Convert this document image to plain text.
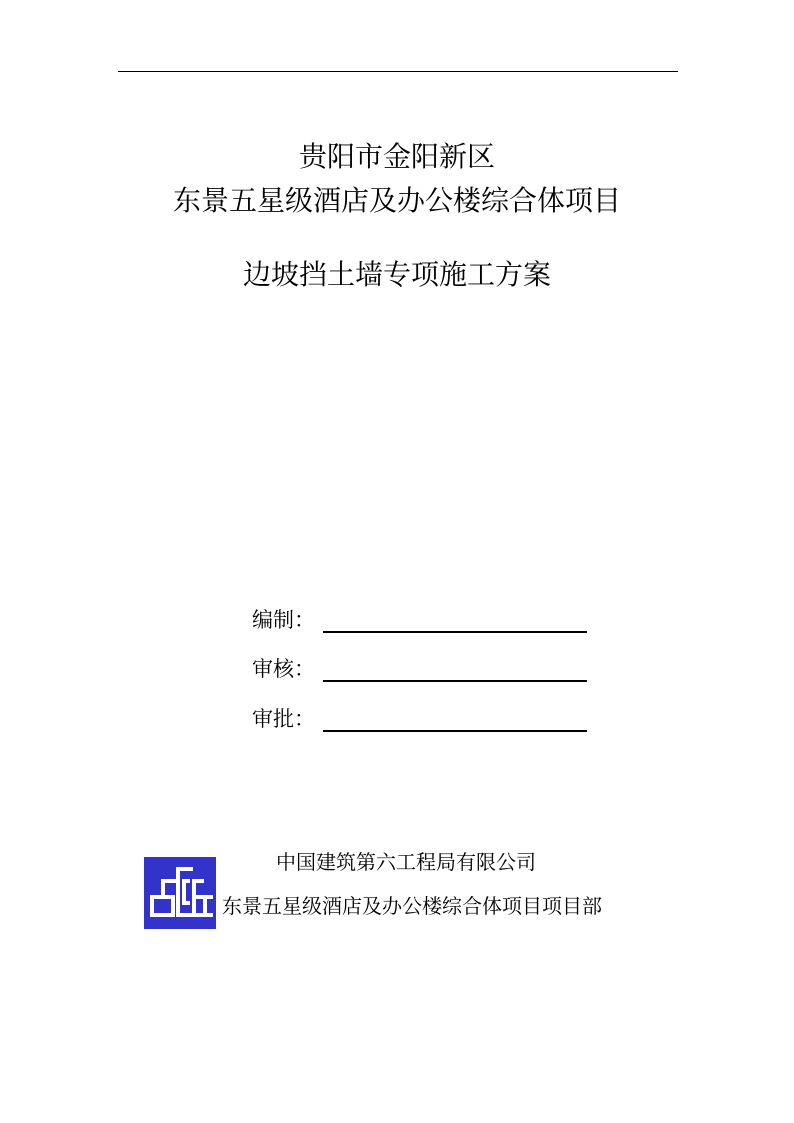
贵阳市金阳新区
东景五星级酒店及办公楼综合体项目
边坡挡土墙专项施工方案
编制：
审核：
审批：
中国建筑第六工程局有限公司
东景五星级酒店及办公楼综合体项目项目部
